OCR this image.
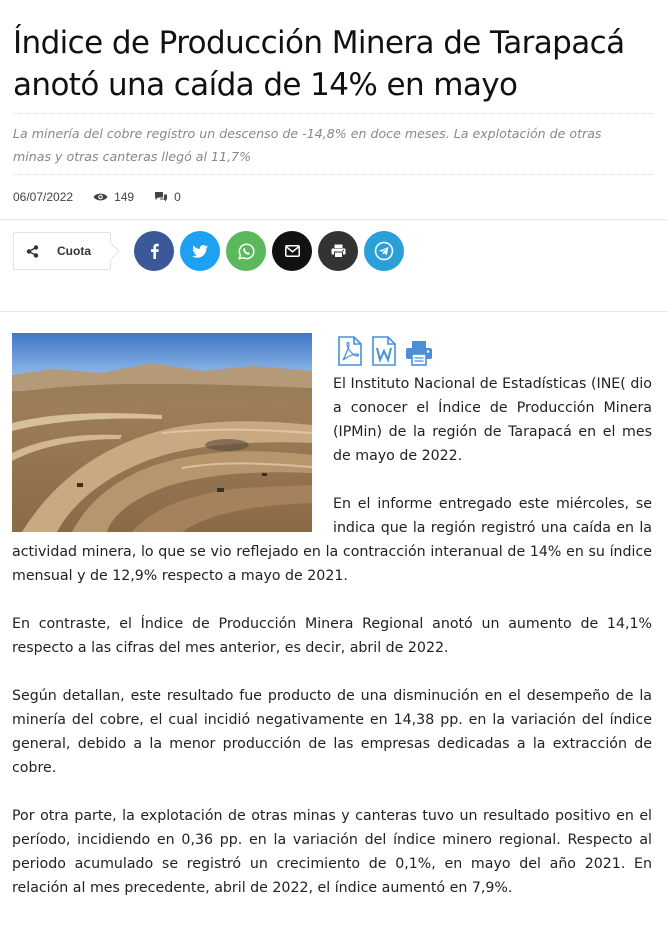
Índice de Producción Minera de Tarapacá anotó una caída de 14% en mayo

La minería del cobre registro un descenso de -14,8% en doce meses. La explotación de otras minas y otras canteras llegó al 11,7%

06/07/2022	149	0
Cuota

El Instituto Nacional de Estadísticas (INE( dio a conocer el Índice de Producción Minera (IPMin) de la región de Tarapacá en el mes de mayo de 2022.

En el informe entregado este miércoles, se indica que la región registró una caída en la actividad minera, lo que se vio reflejado en la contracción interanual de 14% en su índice mensual y de 12,9% respecto a mayo de 2021.

En contraste, el Índice de Producción Minera Regional anotó un aumento de 14,1% respecto a las cifras del mes anterior, es decir, abril de 2022.

Según detallan, este resultado fue producto de una disminución en el desempeño de la minería del cobre, el cual incidió negativamente en 14,38 pp. en la variación del índice general, debido a la menor producción de las empresas dedicadas a la extracción de cobre.

Por otra parte, la explotación de otras minas y canteras tuvo un resultado positivo en el período, incidiendo en 0,36 pp. en la variación del índice minero regional. Respecto al periodo acumulado se registró un crecimiento de 0,1%, en mayo del año 2021. En relación al mes precedente, abril de 2022, el índice aumentó en 7,9%.
